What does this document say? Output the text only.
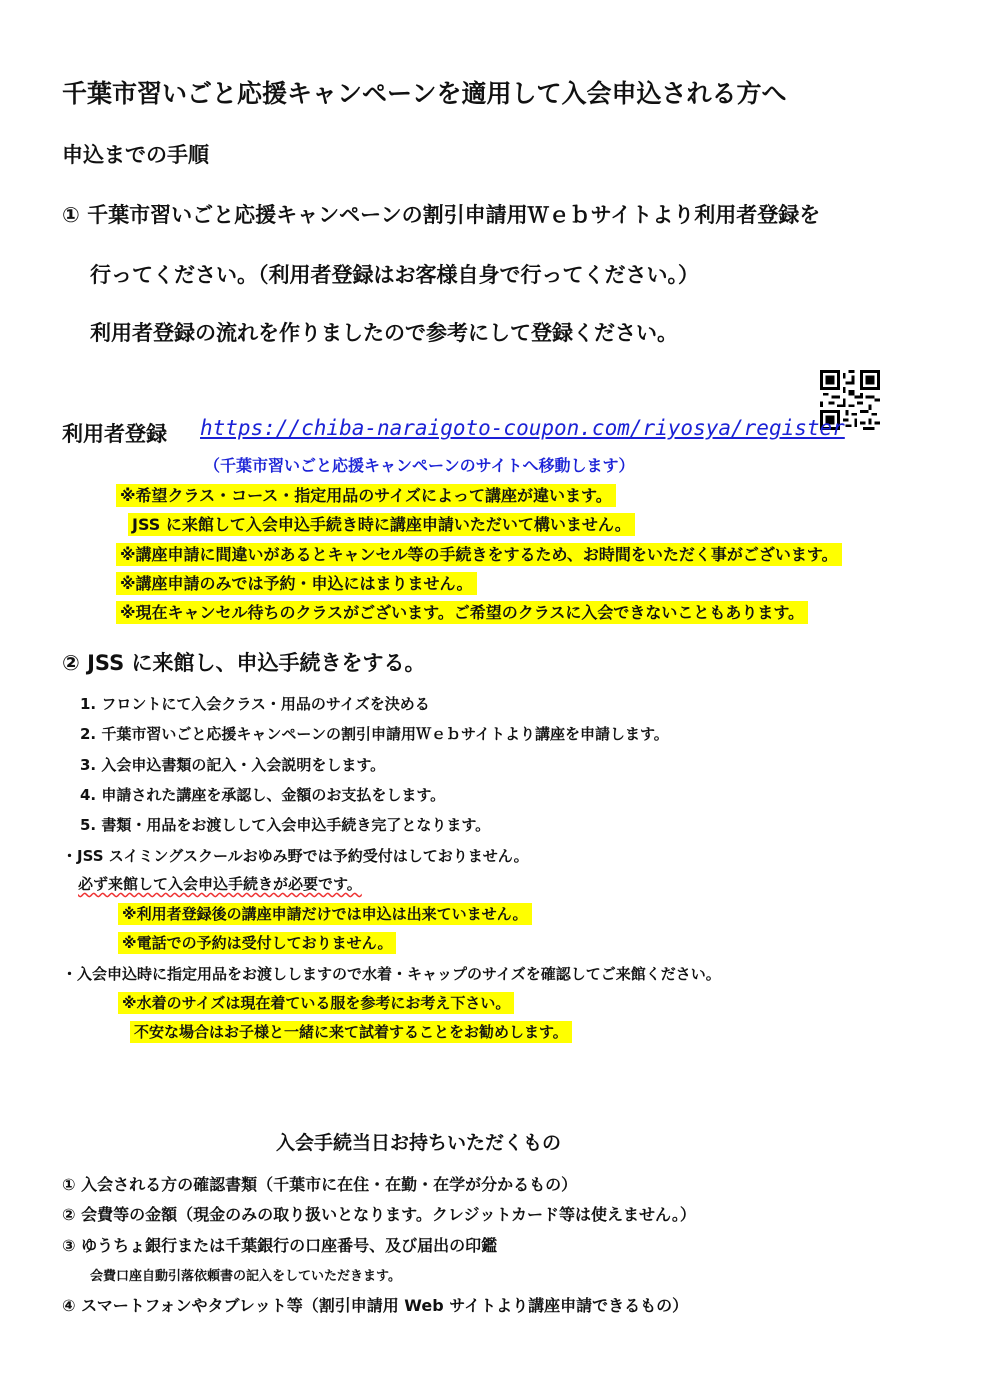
千葉市習いごと応援キャンペーンを適用して入会申込される方へ
申込までの手順
① 千葉市習いごと応援キャンペーンの割引申請用Ｗｅｂサイトより利用者登録を
行ってください。（利用者登録はお客様自身で行ってください。）
利用者登録の流れを作りましたので参考にして登録ください。
利用者登録 https://chiba-naraigoto-coupon.com/riyosya/register
（千葉市習いごと応援キャンペーンのサイトへ移動します）
※希望クラス・コース・指定用品のサイズによって講座が違います。
JSS に来館して入会申込手続き時に講座申請いただいて構いません。
※講座申請に間違いがあるとキャンセル等の手続きをするため、お時間をいただく事がございます。
※講座申請のみでは予約・申込にはまりません。
※現在キャンセル待ちのクラスがございます。ご希望のクラスに入会できないこともあります。
② JSS に来館し、申込手続きをする。
1. フロントにて入会クラス・用品のサイズを決める
2. 千葉市習いごと応援キャンペーンの割引申請用Ｗｅｂサイトより講座を申請します。
3. 入会申込書類の記入・入会説明をします。
4. 申請された講座を承認し、金額のお支払をします。
5. 書類・用品をお渡しして入会申込手続き完了となります。
・JSS スイミングスクールおゆみ野では予約受付はしておりません。
必ず来館して入会申込手続きが必要です。
※利用者登録後の講座申請だけでは申込は出来ていません。
※電話での予約は受付しておりません。
・入会申込時に指定用品をお渡ししますので水着・キャップのサイズを確認してご来館ください。
※水着のサイズは現在着ている服を参考にお考え下さい。
不安な場合はお子様と一緒に来て試着することをお勧めします。
入会手続当日お持ちいただくもの
① 入会される方の確認書類（千葉市に在住・在勤・在学が分かるもの）
② 会費等の金額（現金のみの取り扱いとなります。クレジットカード等は使えません。）
③ ゆうちょ銀行または千葉銀行の口座番号、及び届出の印鑑
会費口座自動引落依頼書の記入をしていただきます。
④ スマートフォンやタブレット等（割引申請用 Web サイトより講座申請できるもの）
